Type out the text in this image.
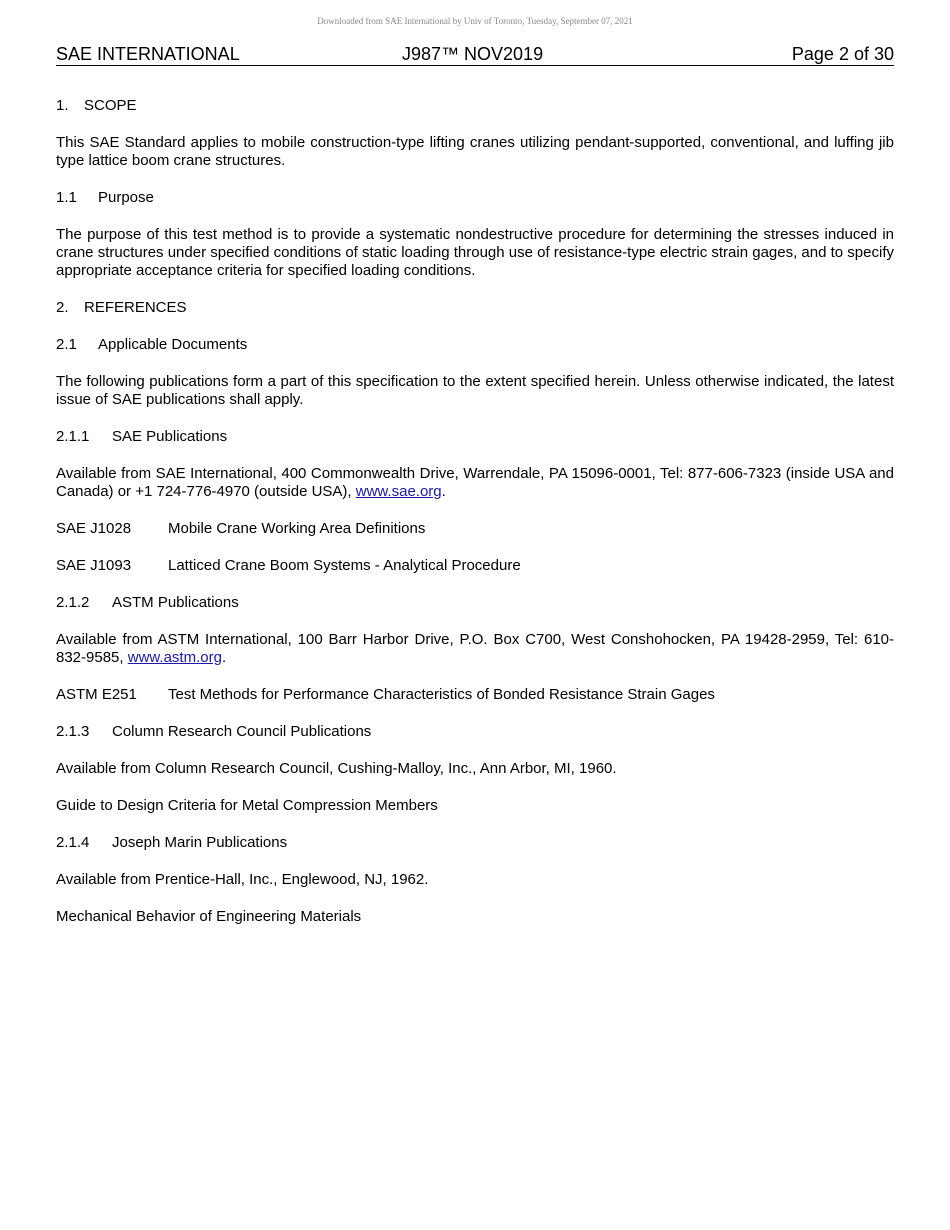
Downloaded from SAE International by Univ of Toronto, Tuesday, September 07, 2021
SAE INTERNATIONAL	J987™ NOV2019	Page 2 of 30

1. SCOPE

This SAE Standard applies to mobile construction-type lifting cranes utilizing pendant-supported, conventional, and luffing jib type lattice boom crane structures.

1.1 Purpose

The purpose of this test method is to provide a systematic nondestructive procedure for determining the stresses induced in crane structures under specified conditions of static loading through use of resistance-type electric strain gages, and to specify appropriate acceptance criteria for specified loading conditions.

2. REFERENCES

2.1 Applicable Documents

The following publications form a part of this specification to the extent specified herein. Unless otherwise indicated, the latest issue of SAE publications shall apply.

2.1.1 SAE Publications

Available from SAE International, 400 Commonwealth Drive, Warrendale, PA 15096-0001, Tel: 877-606-7323 (inside USA and Canada) or +1 724-776-4970 (outside USA), www.sae.org.

SAE J1028 Mobile Crane Working Area Definitions

SAE J1093 Latticed Crane Boom Systems - Analytical Procedure

2.1.2 ASTM Publications

Available from ASTM International, 100 Barr Harbor Drive, P.O. Box C700, West Conshohocken, PA 19428-2959, Tel: 610-832-9585, www.astm.org.

ASTM E251 Test Methods for Performance Characteristics of Bonded Resistance Strain Gages

2.1.3 Column Research Council Publications

Available from Column Research Council, Cushing-Malloy, Inc., Ann Arbor, MI, 1960.

Guide to Design Criteria for Metal Compression Members

2.1.4 Joseph Marin Publications

Available from Prentice-Hall, Inc., Englewood, NJ, 1962.

Mechanical Behavior of Engineering Materials
